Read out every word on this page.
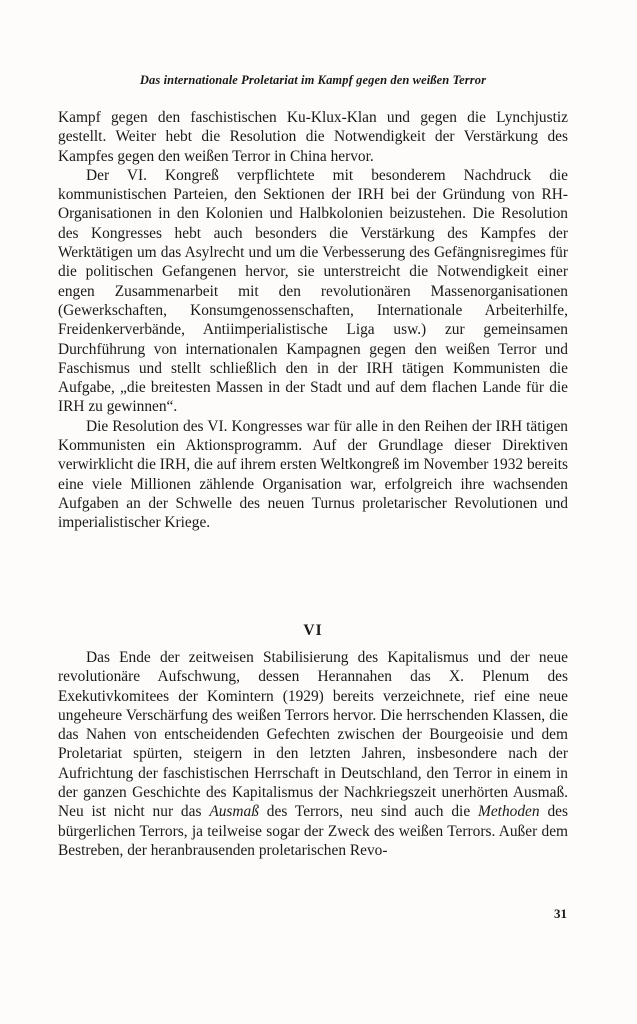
Das internationale Proletariat im Kampf gegen den weißen Terror

Kampf gegen den faschistischen Ku-Klux-Klan und gegen die Lynchjustiz gestellt. Weiter hebt die Resolution die Notwendigkeit der Verstärkung des Kampfes gegen den weißen Terror in China hervor.

Der VI. Kongreß verpflichtete mit besonderem Nachdruck die kommunistischen Parteien, den Sektionen der IRH bei der Gründung von RH-Organisationen in den Kolonien und Halbkolonien beizustehen. Die Resolution des Kongresses hebt auch besonders die Verstärkung des Kampfes der Werktätigen um das Asylrecht und um die Verbesserung des Gefängnisregimes für die politischen Gefangenen hervor, sie unterstreicht die Notwendigkeit einer engen Zusammenarbeit mit den revolutionären Massenorganisationen (Gewerkschaften, Konsumgenossenschaften, Internationale Arbeiterhilfe, Freidenkerverbände, Antiimperialistische Liga usw.) zur gemeinsamen Durchführung von internationalen Kampagnen gegen den weißen Terror und Faschismus und stellt schließlich den in der IRH tätigen Kommunisten die Aufgabe, „die breitesten Massen in der Stadt und auf dem flachen Lande für die IRH zu gewinnen“.

Die Resolution des VI. Kongresses war für alle in den Reihen der IRH tätigen Kommunisten ein Aktionsprogramm. Auf der Grundlage dieser Direktiven verwirklicht die IRH, die auf ihrem ersten Weltkongreß im November 1932 bereits eine viele Millionen zählende Organisation war, erfolgreich ihre wachsenden Aufgaben an der Schwelle des neuen Turnus proletarischer Revolutionen und imperialistischer Kriege.

VI

Das Ende der zeitweisen Stabilisierung des Kapitalismus und der neue revolutionäre Aufschwung, dessen Herannahen das X. Plenum des Exekutivkomitees der Komintern (1929) bereits verzeichnete, rief eine neue ungeheure Verschärfung des weißen Terrors hervor. Die herrschenden Klassen, die das Nahen von entscheidenden Gefechten zwischen der Bourgeoisie und dem Proletariat spürten, steigern in den letzten Jahren, insbesondere nach der Aufrichtung der faschistischen Herrschaft in Deutschland, den Terror in einem in der ganzen Geschichte des Kapitalismus der Nachkriegszeit unerhörten Ausmaß. Neu ist nicht nur das Ausmaß des Terrors, neu sind auch die Methoden des bürgerlichen Terrors, ja teilweise sogar der Zweck des weißen Terrors. Außer dem Bestreben, der heranbrausenden proletarischen Revo-

31
